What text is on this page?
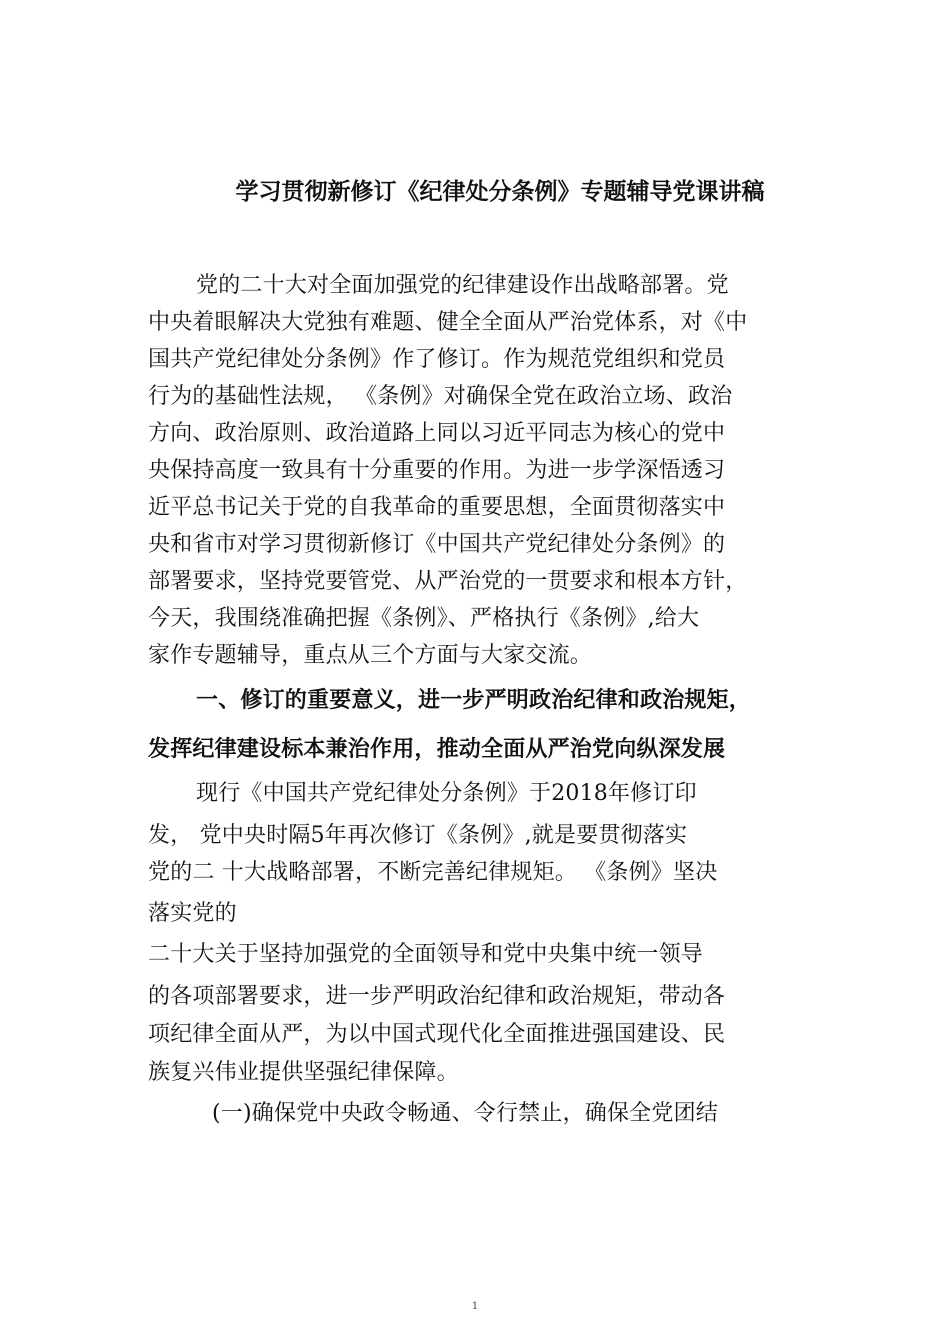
学习贯彻新修订《纪律处分条例》专题辅导党课讲稿
党的二十大对全面加强党的纪律建设作出战略部署。党
中央着眼解决大党独有难题、健全全面从严治党体系，对《中
国共产党纪律处分条例》作了修订。作为规范党组织和党员
行为的基础性法规， 《条例》对确保全党在政治立场、政治
方向、政治原则、政治道路上同以习近平同志为核心的党中
央保持高度一致具有十分重要的作用。为进一步学深悟透习
近平总书记关于党的自我革命的重要思想，全面贯彻落实中
央和省市对学习贯彻新修订《中国共产党纪律处分条例》的
部署要求，坚持党要管党、从严治党的一贯要求和根本方针，
今天，我围绕准确把握《条例》、严格执行《条例》,给大
家作专题辅导，重点从三个方面与大家交流。
一、修订的重要意义，进一步严明政治纪律和政治规矩，
发挥纪律建设标本兼治作用，推动全面从严治党向纵深发展
现行《中国共产党纪律处分条例》于2018年修订印
发， 党中央时隔5年再次修订《条例》,就是要贯彻落实
党的二 十大战略部署，不断完善纪律规矩。 《条例》坚决
落实党的
二十大关于坚持加强党的全面领导和党中央集中统一领导
的各项部署要求，进一步严明政治纪律和政治规矩，带动各
项纪律全面从严，为以中国式现代化全面推进强国建设、民
族复兴伟业提供坚强纪律保障。
(一)确保党中央政令畅通、令行禁止，确保全党团结
1
